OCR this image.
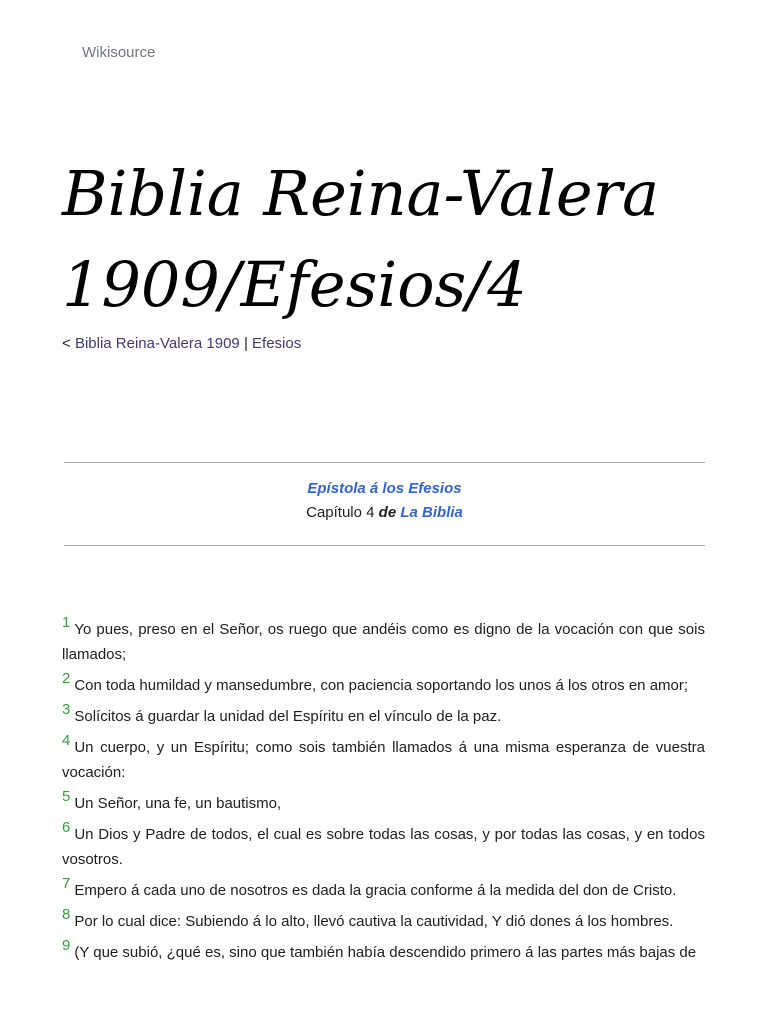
Wikisource
Biblia Reina-Valera 1909/Efesios/4
< Biblia Reina-Valera 1909 | Efesios
Epístola á los Efesios
Capítulo 4 de La Biblia

1 Yo pues, preso en el Señor, os ruego que andéis como es digno de la vocación con que sois llamados;

2 Con toda humildad y mansedumbre, con paciencia soportando los unos á los otros en amor;

3 Solícitos á guardar la unidad del Espíritu en el vínculo de la paz.

4 Un cuerpo, y un Espíritu; como sois también llamados á una misma esperanza de vuestra vocación:

5 Un Señor, una fe, un bautismo,

6 Un Dios y Padre de todos, el cual es sobre todas las cosas, y por todas las cosas, y en todos vosotros.

7 Empero á cada uno de nosotros es dada la gracia conforme á la medida del don de Cristo.

8 Por lo cual dice: Subiendo á lo alto, llevó cautiva la cautividad, Y dió dones á los hombres.

9 (Y que subió, ¿qué es, sino que también había descendido primero á las partes más bajas de
